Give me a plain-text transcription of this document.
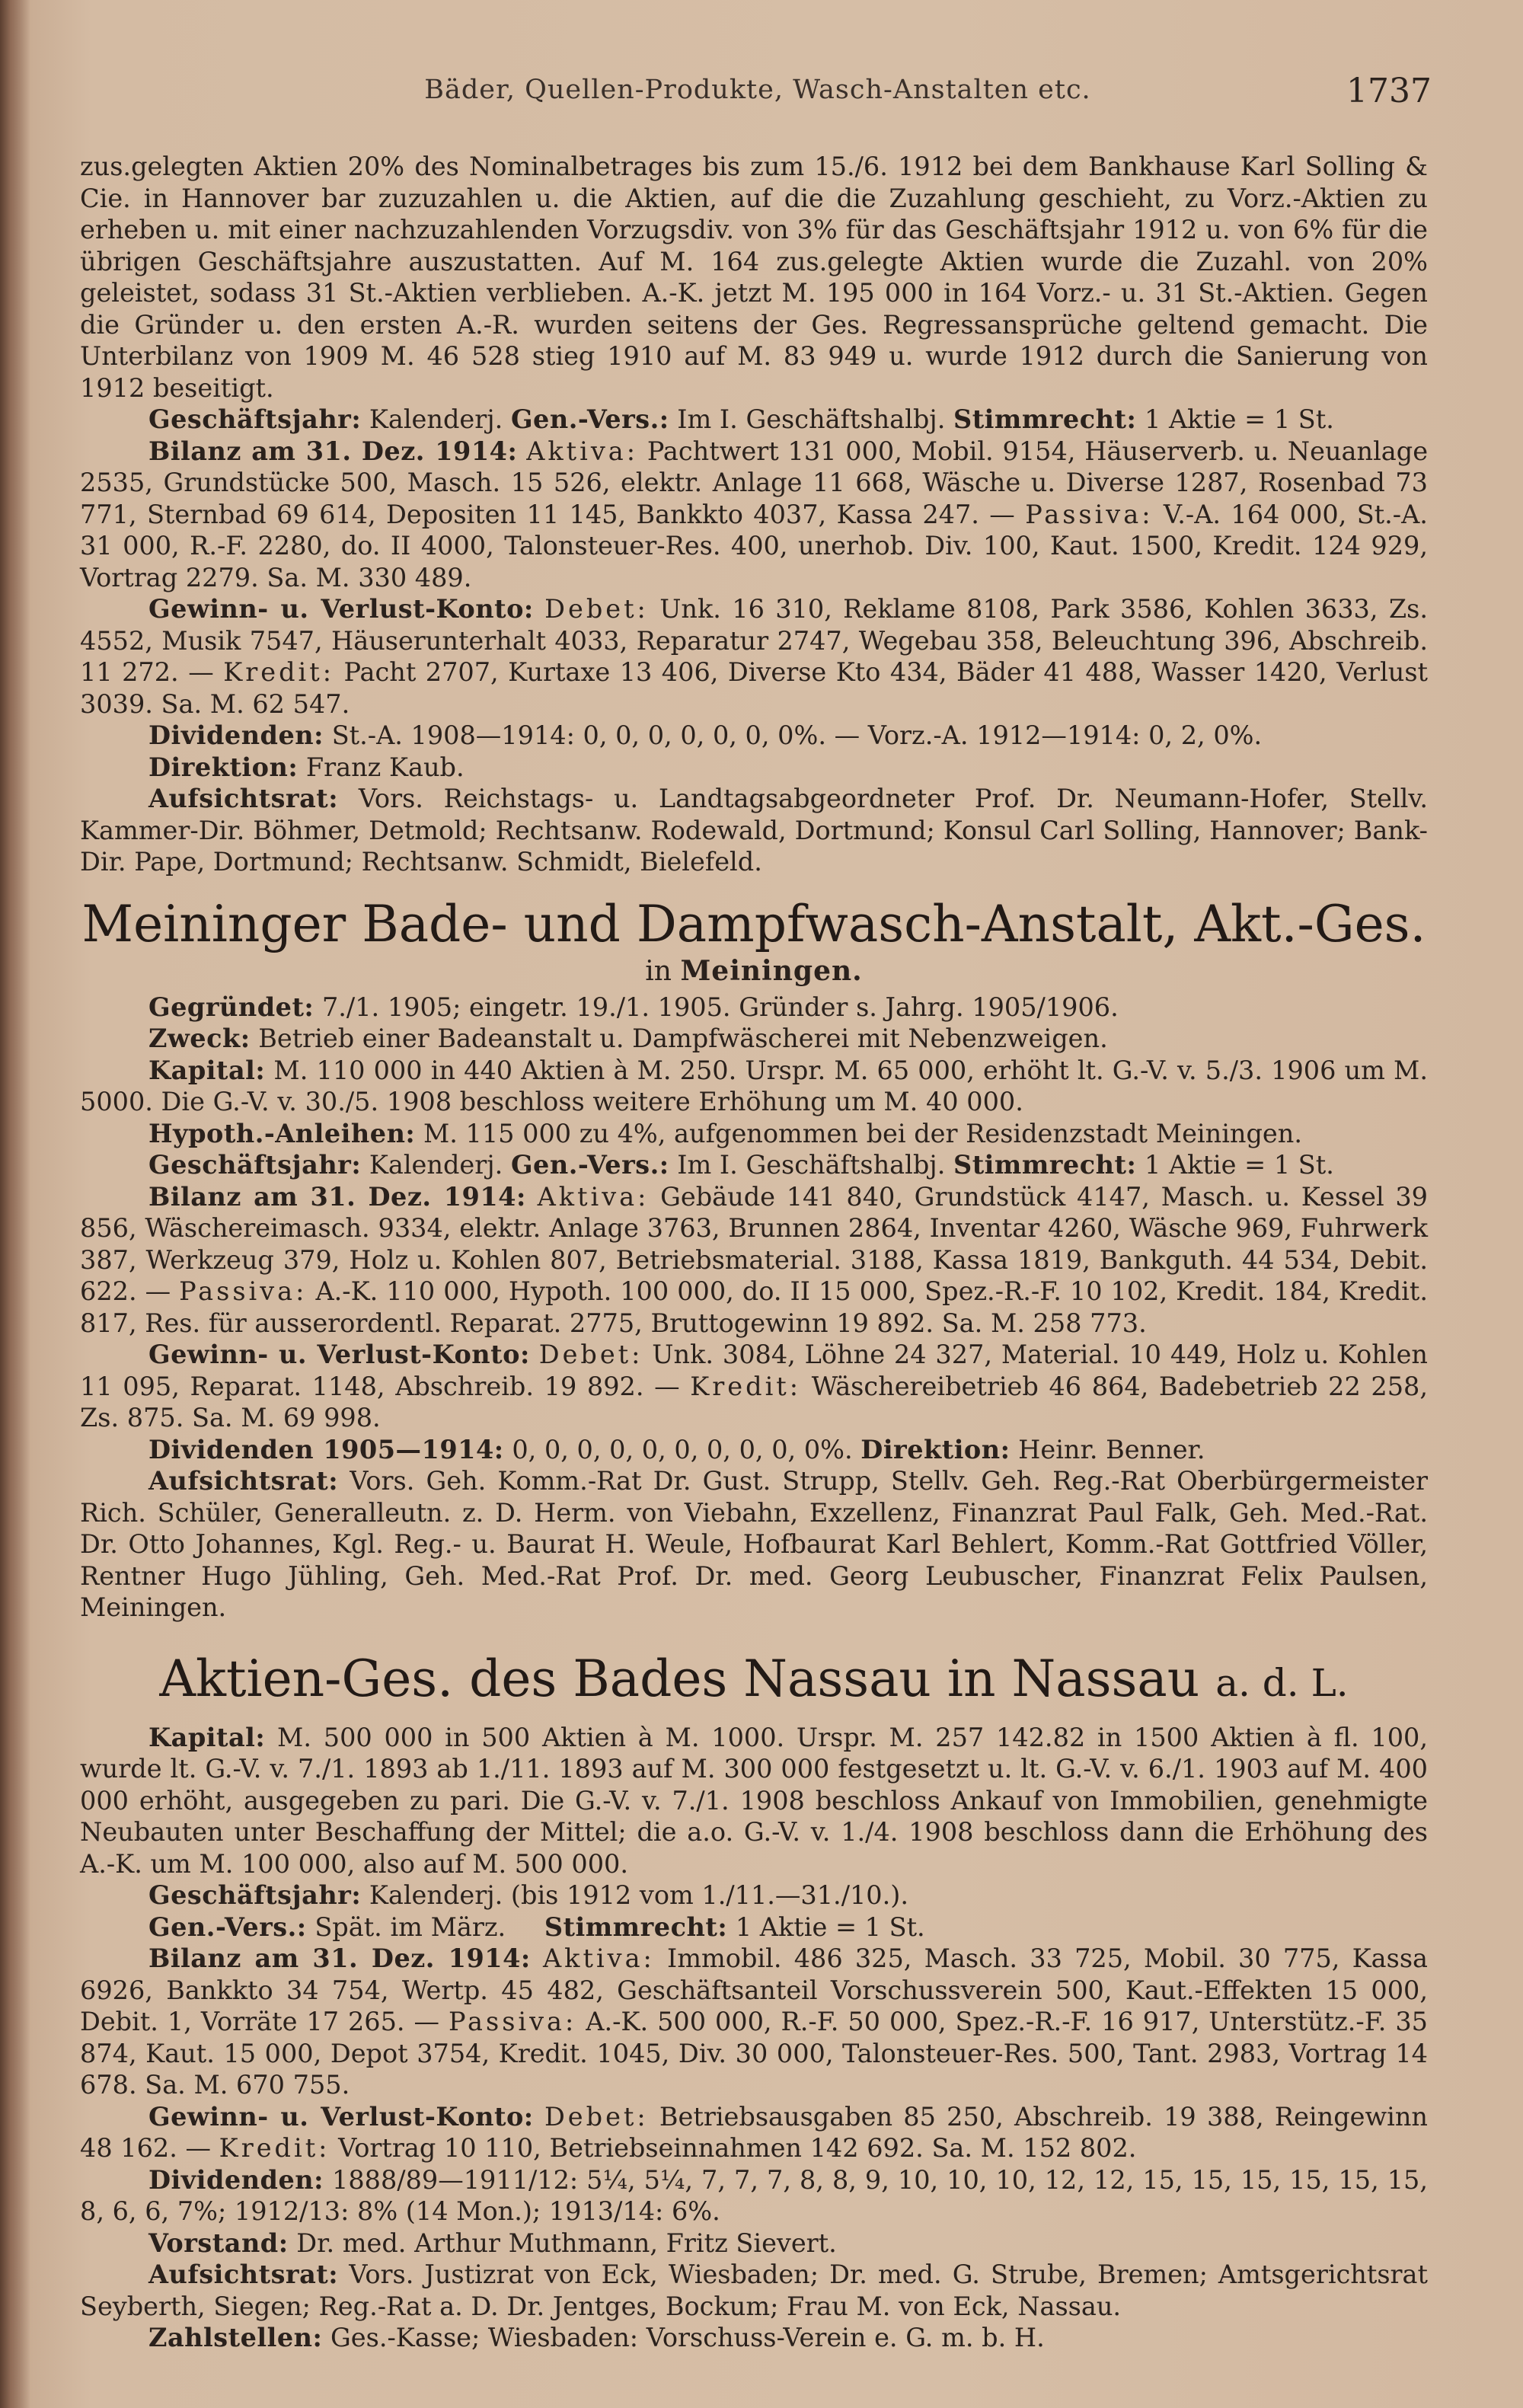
Bäder, Quellen-Produkte, Wasch-Anstalten etc.	1737

zus.gelegten Aktien 20% des Nominalbetrages bis zum 15./6. 1912 bei dem Bankhause Karl Solling & Cie. in Hannover bar zuzuzahlen u. die Aktien, auf die die Zuzahlung geschieht, zu Vorz.-Aktien zu erheben u. mit einer nachzuzahlenden Vorzugsdiv. von 3% für das Geschäftsjahr 1912 u. von 6% für die übrigen Geschäftsjahre auszustatten. Auf M. 164 zus.gelegte Aktien wurde die Zuzahl. von 20% geleistet, sodass 31 St.-Aktien verblieben. A.-K. jetzt M. 195 000 in 164 Vorz.- u. 31 St.-Aktien. Gegen die Gründer u. den ersten A.-R. wurden seitens der Ges. Regressansprüche geltend gemacht. Die Unterbilanz von 1909 M. 46 528 stieg 1910 auf M. 83 949 u. wurde 1912 durch die Sanierung von 1912 beseitigt.

Geschäftsjahr: Kalenderj. Gen.-Vers.: Im I. Geschäftshalbj. Stimmrecht: 1 Aktie = 1 St.

Bilanz am 31. Dez. 1914: Aktiva: Pachtwert 131 000, Mobil. 9154, Häuserverb. u. Neuanlage 2535, Grundstücke 500, Masch. 15 526, elektr. Anlage 11 668, Wäsche u. Diverse 1287, Rosenbad 73 771, Sternbad 69 614, Depositen 11 145, Bankkto 4037, Kassa 247. — Passiva: V.-A. 164 000, St.-A. 31 000, R.-F. 2280, do. II 4000, Talonsteuer-Res. 400, unerhob. Div. 100, Kaut. 1500, Kredit. 124 929, Vortrag 2279. Sa. M. 330 489.

Gewinn- u. Verlust-Konto: Debet: Unk. 16 310, Reklame 8108, Park 3586, Kohlen 3633, Zs. 4552, Musik 7547, Häuserunterhalt 4033, Reparatur 2747, Wegebau 358, Beleuchtung 396, Abschreib. 11 272. — Kredit: Pacht 2707, Kurtaxe 13 406, Diverse Kto 434, Bäder 41 488, Wasser 1420, Verlust 3039. Sa. M. 62 547.

Dividenden: St.-A. 1908—1914: 0, 0, 0, 0, 0, 0, 0%. — Vorz.-A. 1912—1914: 0, 2, 0%.

Direktion: Franz Kaub.

Aufsichtsrat: Vors. Reichstags- u. Landtagsabgeordneter Prof. Dr. Neumann-Hofer, Stellv. Kammer-Dir. Böhmer, Detmold; Rechtsanw. Rodewald, Dortmund; Konsul Carl Solling, Hannover; Bank-Dir. Pape, Dortmund; Rechtsanw. Schmidt, Bielefeld.

Meininger Bade- und Dampfwasch-Anstalt, Akt.-Ges.
in Meiningen.

Gegründet: 7./1. 1905; eingetr. 19./1. 1905. Gründer s. Jahrg. 1905/1906.

Zweck: Betrieb einer Badeanstalt u. Dampfwäscherei mit Nebenzweigen.

Kapital: M. 110 000 in 440 Aktien à M. 250. Urspr. M. 65 000, erhöht lt. G.-V. v. 5./3. 1906 um M. 5000. Die G.-V. v. 30./5. 1908 beschloss weitere Erhöhung um M. 40 000.

Hypoth.-Anleihen: M. 115 000 zu 4%, aufgenommen bei der Residenzstadt Meiningen.

Geschäftsjahr: Kalenderj. Gen.-Vers.: Im I. Geschäftshalbj. Stimmrecht: 1 Aktie = 1 St.

Bilanz am 31. Dez. 1914: Aktiva: Gebäude 141 840, Grundstück 4147, Masch. u. Kessel 39 856, Wäschereimasch. 9334, elektr. Anlage 3763, Brunnen 2864, Inventar 4260, Wäsche 969, Fuhrwerk 387, Werkzeug 379, Holz u. Kohlen 807, Betriebsmaterial. 3188, Kassa 1819, Bankguth. 44 534, Debit. 622. — Passiva: A.-K. 110 000, Hypoth. 100 000, do. II 15 000, Spez.-R.-F. 10 102, Kredit. 184, Kredit. 817, Res. für ausserordentl. Reparat. 2775, Bruttogewinn 19 892. Sa. M. 258 773.

Gewinn- u. Verlust-Konto: Debet: Unk. 3084, Löhne 24 327, Material. 10 449, Holz u. Kohlen 11 095, Reparat. 1148, Abschreib. 19 892. — Kredit: Wäschereibetrieb 46 864, Badebetrieb 22 258, Zs. 875. Sa. M. 69 998.

Dividenden 1905—1914: 0, 0, 0, 0, 0, 0, 0, 0, 0, 0%. Direktion: Heinr. Benner.

Aufsichtsrat: Vors. Geh. Komm.-Rat Dr. Gust. Strupp, Stellv. Geh. Reg.-Rat Oberbürgermeister Rich. Schüler, Generalleutn. z. D. Herm. von Viebahn, Exzellenz, Finanzrat Paul Falk, Geh. Med.-Rat. Dr. Otto Johannes, Kgl. Reg.- u. Baurat H. Weule, Hofbaurat Karl Behlert, Komm.-Rat Gottfried Völler, Rentner Hugo Jühling, Geh. Med.-Rat Prof. Dr. med. Georg Leubuscher, Finanzrat Felix Paulsen, Meiningen.

Aktien-Ges. des Bades Nassau in Nassau a. d. L.

Kapital: M. 500 000 in 500 Aktien à M. 1000. Urspr. M. 257 142.82 in 1500 Aktien à fl. 100, wurde lt. G.-V. v. 7./1. 1893 ab 1./11. 1893 auf M. 300 000 festgesetzt u. lt. G.-V. v. 6./1. 1903 auf M. 400 000 erhöht, ausgegeben zu pari. Die G.-V. v. 7./1. 1908 beschloss Ankauf von Immobilien, genehmigte Neubauten unter Beschaffung der Mittel; die a.o. G.-V. v. 1./4. 1908 beschloss dann die Erhöhung des A.-K. um M. 100 000, also auf M. 500 000.

Geschäftsjahr: Kalenderj. (bis 1912 vom 1./11.—31./10.).

Gen.-Vers.: Spät. im März. Stimmrecht: 1 Aktie = 1 St.

Bilanz am 31. Dez. 1914: Aktiva: Immobil. 486 325, Masch. 33 725, Mobil. 30 775, Kassa 6926, Bankkto 34 754, Wertp. 45 482, Geschäftsanteil Vorschussverein 500, Kaut.-Effekten 15 000, Debit. 1, Vorräte 17 265. — Passiva: A.-K. 500 000, R.-F. 50 000, Spez.-R.-F. 16 917, Unterstütz.-F. 35 874, Kaut. 15 000, Depot 3754, Kredit. 1045, Div. 30 000, Talonsteuer-Res. 500, Tant. 2983, Vortrag 14 678. Sa. M. 670 755.

Gewinn- u. Verlust-Konto: Debet: Betriebsausgaben 85 250, Abschreib. 19 388, Reingewinn 48 162. — Kredit: Vortrag 10 110, Betriebseinnahmen 142 692. Sa. M. 152 802.

Dividenden: 1888/89—1911/12: 5¼, 5¼, 7, 7, 7, 8, 8, 9, 10, 10, 10, 12, 12, 15, 15, 15, 15, 15, 15, 8, 6, 6, 7%; 1912/13: 8% (14 Mon.); 1913/14: 6%.

Vorstand: Dr. med. Arthur Muthmann, Fritz Sievert.

Aufsichtsrat: Vors. Justizrat von Eck, Wiesbaden; Dr. med. G. Strube, Bremen; Amtsgerichtsrat Seyberth, Siegen; Reg.-Rat a. D. Dr. Jentges, Bockum; Frau M. von Eck, Nassau.

Zahlstellen: Ges.-Kasse; Wiesbaden: Vorschuss-Verein e. G. m. b. H.
